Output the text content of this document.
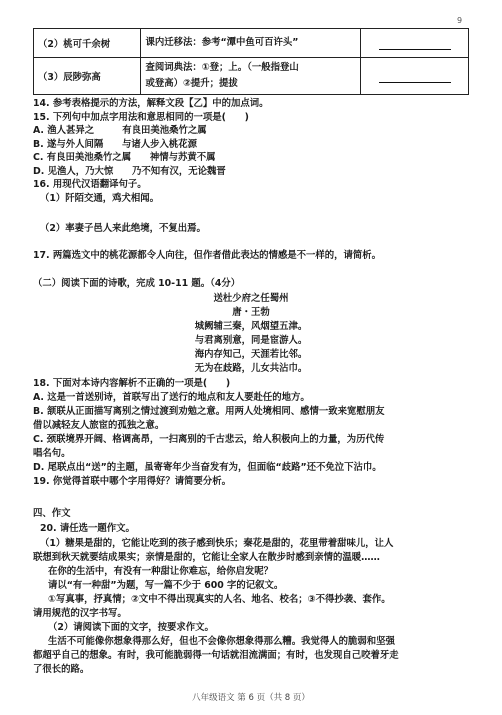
9
（2）桃可千余树	课内迁移法：参考“潭中鱼可百许头”	

（3）辰陟弥高	查阅词典法：①登；上。（一般指登山
或登高）②提升；提拔	

14. 参考表格提示的方法，解释文段【乙】中的加点词。
15. 下列句中加点字用法和意思相同的一项是(　　)
A. 渔人甚异之　　　有良田美池桑竹之属
B. 遂与外人间隔　　与诸人步入桃花源
C. 有良田美池桑竹之属　　神情与苏黄不属
D. 见渔人，乃大惊　　乃不知有汉，无论魏晋
16. 用现代汉语翻译句子。
（1）阡陌交通，鸡犬相闻。
（2）率妻子邑人来此绝境，不复出焉。
17. 两篇选文中的桃花源都令人向往，但作者借此表达的情感是不一样的，请简析。
（二）阅读下面的诗歌，完成 10-11 题。（4分）
送杜少府之任蜀州
唐・王勃
城阙辅三秦，风烟望五津。
与君离别意，同是宦游人。
海内存知己，天涯若比邻。
无为在歧路，儿女共沾巾。
18. 下面对本诗内容解析不正确的一项是(　　)
A. 这是一首送别诗，首联写出了送行的地点和友人要赴任的地方。
B. 颔联从正面描写离别之情过渡到劝勉之意。用两人处境相同、感情一致来宽慰朋友
借以减轻友人旅宦的孤独之意。
C. 颈联境界开阔、格调高昂，一扫离别的千古悲云，给人积极向上的力量，为历代传
唱名句。
D. 尾联点出“送”的主题，虽寄寄年少当奋发有为，但面临“歧路”还不免泣下沾巾。
19. 你觉得首联中哪个字用得好？请简要分析。
四、作文
20. 请任选一题作文。
（1）糖果是甜的，它能让吃到的孩子感到快乐；秦花是甜的，花里带着甜味儿，让人
联想到秋天就要结成果实；亲情是甜的，它能让全家人在散步时感到亲情的温暖……
在你的生活中，有没有一种甜让你难忘，给你启发呢？
请以“有一种甜”为题，写一篇不少于 600 字的记叙文。
①写真事，抒真情；②文中不得出现真实的人名、地名、校名；③不得抄袭、套作。
请用规范的汉字书写。
（2）请阅读下面的文字，按要求作文。
生活不可能像你想象得那么好，但也不会像你想象得那么糟。我觉得人的脆弱和坚强
都超乎自己的想象。有时，我可能脆弱得一句话就泪流满面；有时，也发现自己咬着牙走
了很长的路。
八年级语文 第 6 页（共 8 页）
